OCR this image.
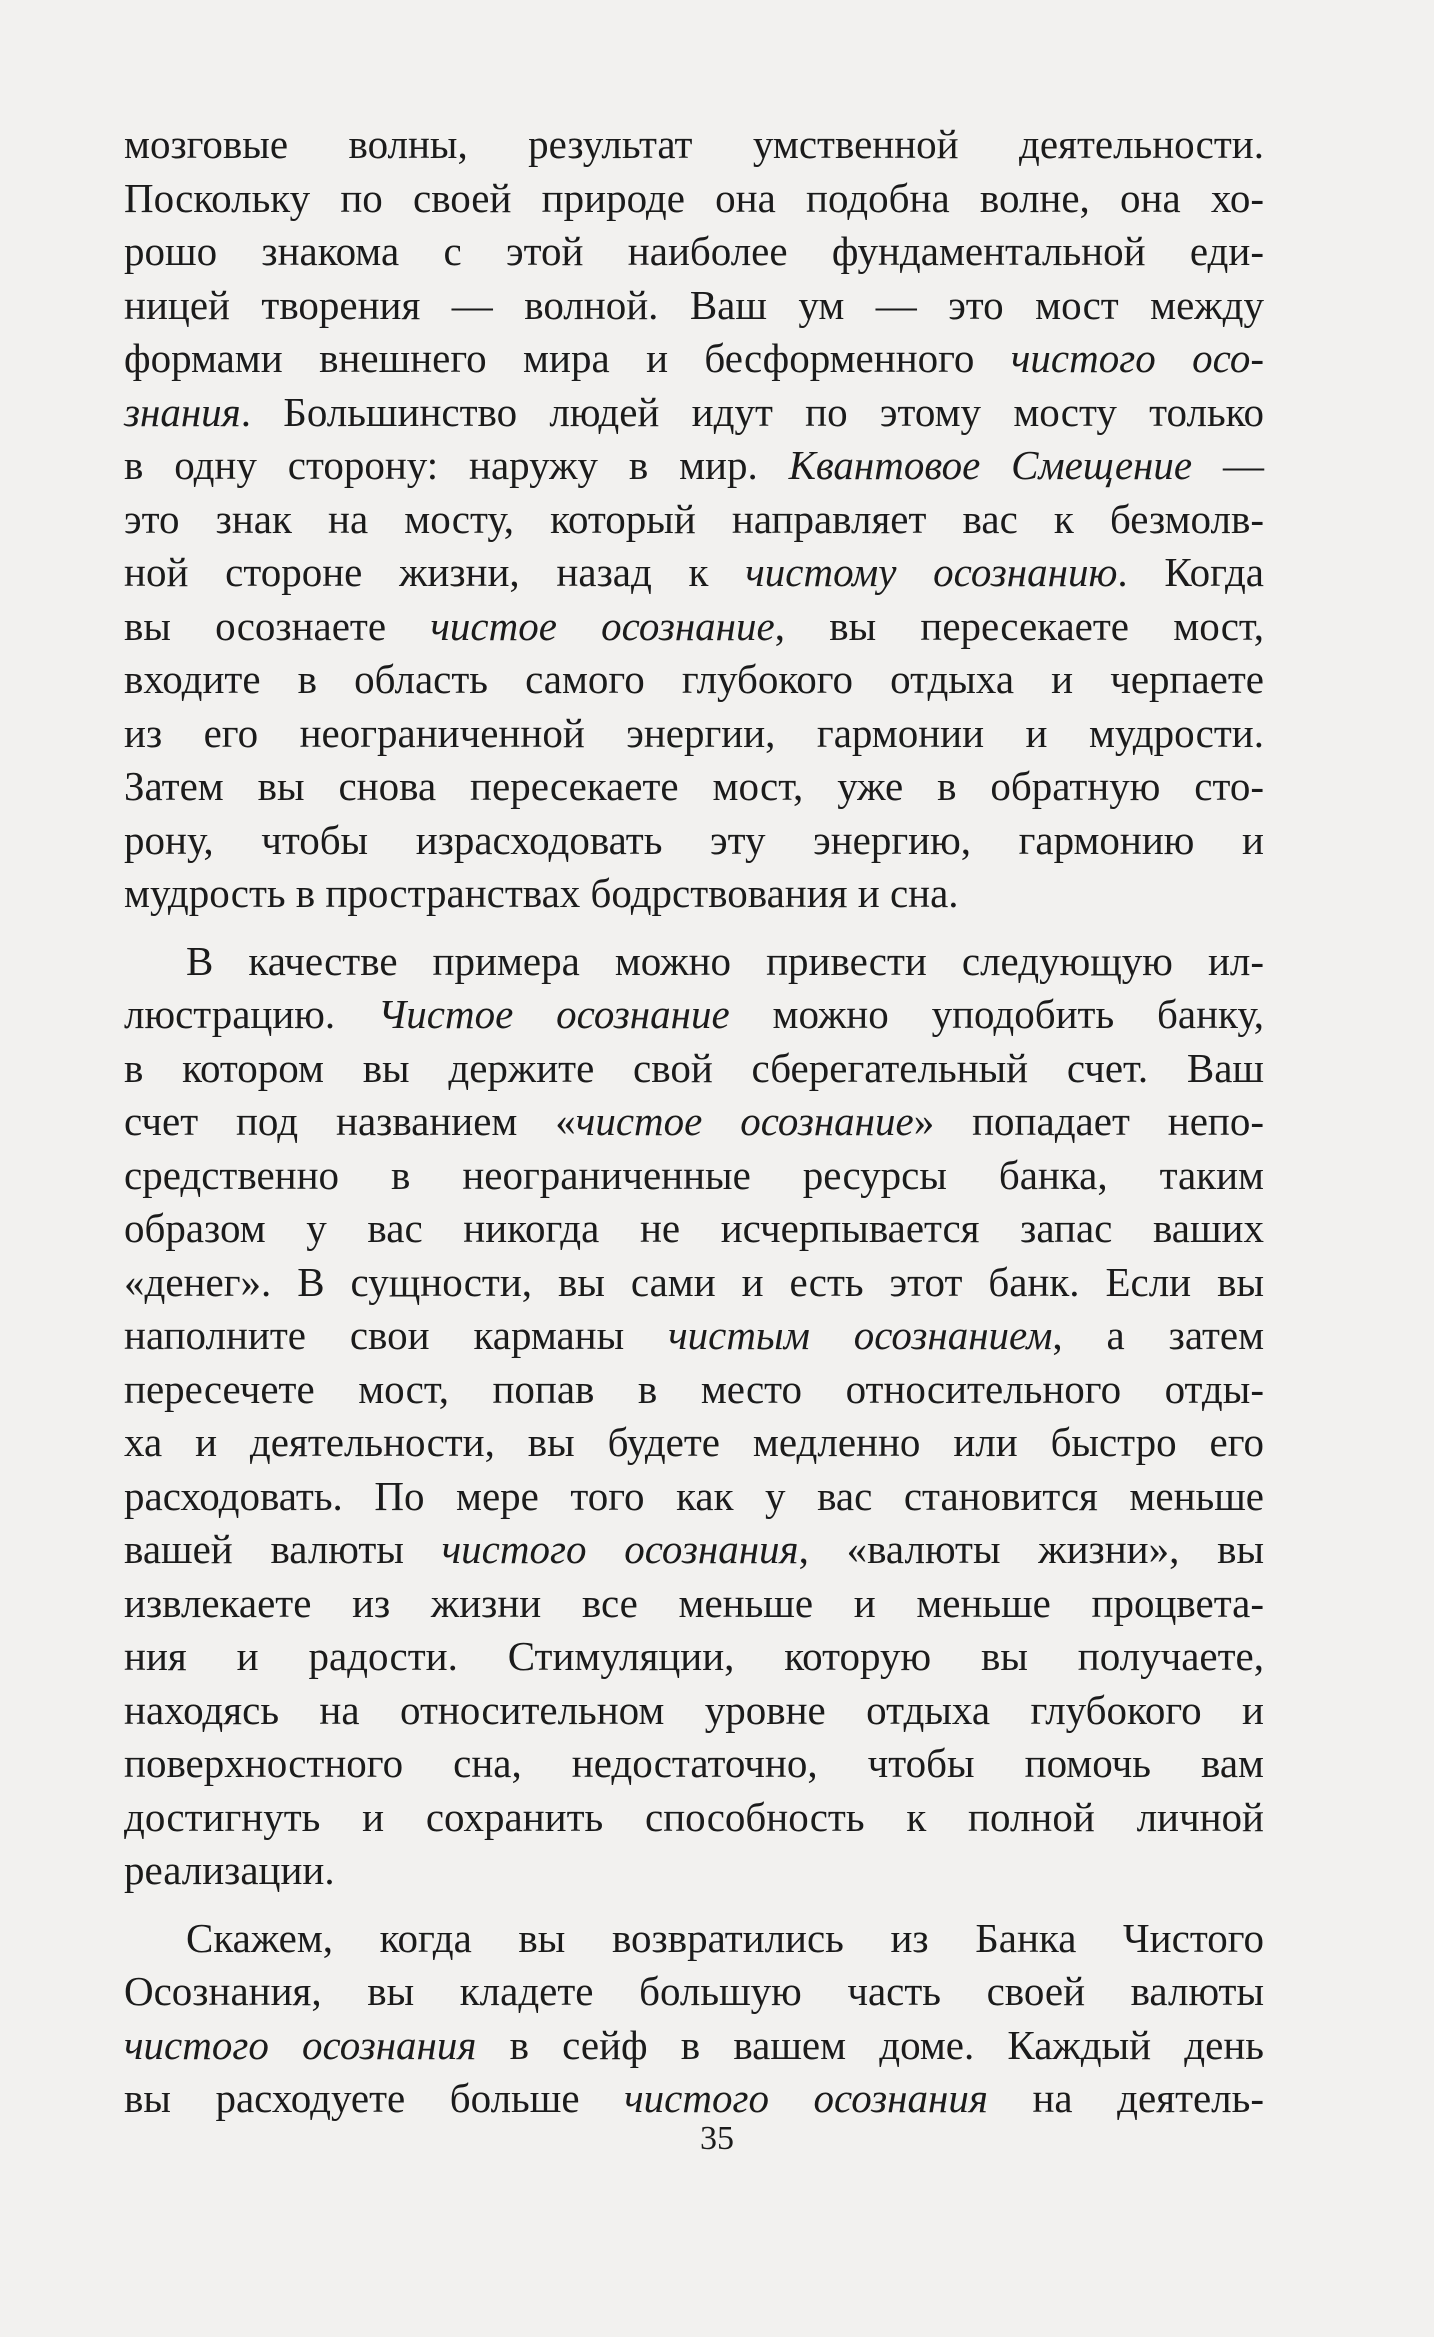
мозговые волны, результат умственной деятельности.
Поскольку по своей природе она подобна волне, она хо-
рошо знакома с этой наиболее фундаментальной еди-
ницей творения — волной. Ваш ум — это мост между
формами внешнего мира и бесформенного чистого осо-
знания. Большинство людей идут по этому мосту только
в одну сторону: наружу в мир. Квантовое Смещение —
это знак на мосту, который направляет вас к безмолв-
ной стороне жизни, назад к чистому осознанию. Когда
вы осознаете чистое осознание, вы пересекаете мост,
входите в область самого глубокого отдыха и черпаете
из его неограниченной энергии, гармонии и мудрости.
Затем вы снова пересекаете мост, уже в обратную сто-
рону, чтобы израсходовать эту энергию, гармонию и
мудрость в пространствах бодрствования и сна.
В качестве примера можно привести следующую ил-
люстрацию. Чистое осознание можно уподобить банку,
в котором вы держите свой сберегательный счет. Ваш
счет под названием «чистое осознание» попадает непо-
средственно в неограниченные ресурсы банка, таким
образом у вас никогда не исчерпывается запас ваших
«денег». В сущности, вы сами и есть этот банк. Если вы
наполните свои карманы чистым осознанием, а затем
пересечете мост, попав в место относительного отды-
ха и деятельности, вы будете медленно или быстро его
расходовать. По мере того как у вас становится меньше
вашей валюты чистого осознания, «валюты жизни», вы
извлекаете из жизни все меньше и меньше процвета-
ния и радости. Стимуляции, которую вы получаете,
находясь на относительном уровне отдыха глубокого и
поверхностного сна, недостаточно, чтобы помочь вам
достигнуть и сохранить способность к полной личной
реализации.
Скажем, когда вы возвратились из Банка Чистого
Осознания, вы кладете большую часть своей валюты
чистого осознания в сейф в вашем доме. Каждый день
вы расходуете больше чистого осознания на деятель-
35
